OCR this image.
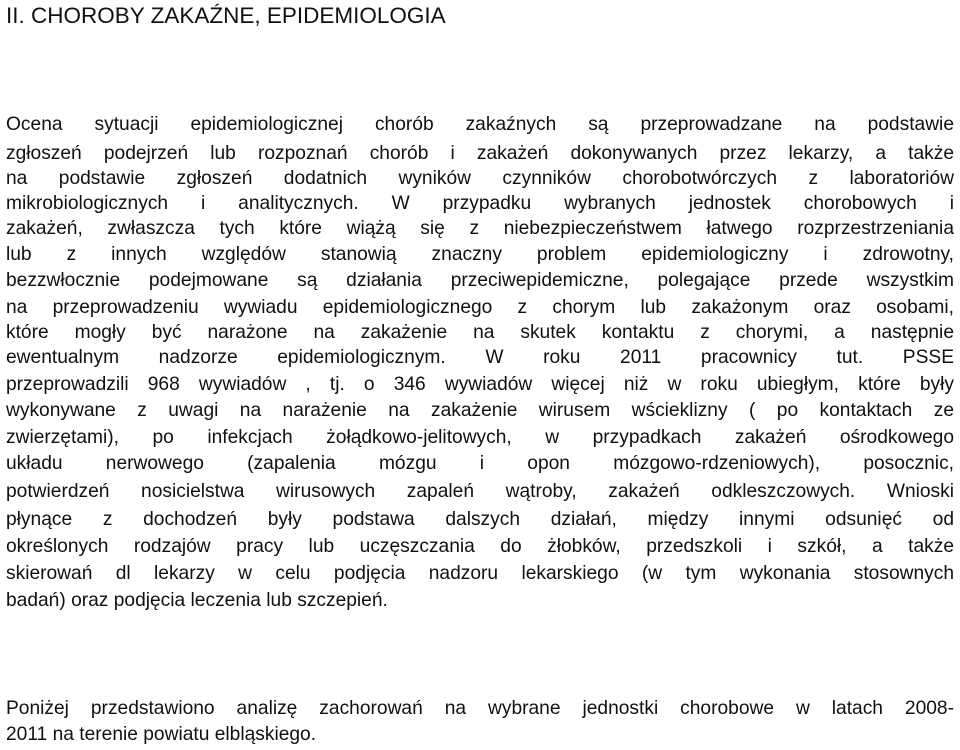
II. CHOROBY ZAKAŹNE, EPIDEMIOLOGIA
Ocena sytuacji epidemiologicznej chorób zakaźnych są przeprowadzane na podstawie
zgłoszeń podejrzeń lub rozpoznań chorób i zakażeń dokonywanych przez lekarzy, a także
na podstawie zgłoszeń dodatnich wyników czynników chorobotwórczych z laboratoriów
mikrobiologicznych i analitycznych. W przypadku wybranych jednostek chorobowych i
zakażeń, zwłaszcza tych które wiążą się z niebezpieczeństwem łatwego rozprzestrzeniania
lub z innych względów stanowią znaczny problem epidemiologiczny i zdrowotny,
bezzwłocznie podejmowane są działania przeciwepidemiczne, polegające przede wszystkim
na przeprowadzeniu wywiadu epidemiologicznego z chorym lub zakażonym oraz osobami,
które mogły być narażone na zakażenie na skutek kontaktu z chorymi, a następnie
ewentualnym nadzorze epidemiologicznym. W roku 2011 pracownicy tut. PSSE
przeprowadzili 968 wywiadów , tj. o 346 wywiadów więcej niż w roku ubiegłym, które były
wykonywane z uwagi na narażenie na zakażenie wirusem wścieklizny ( po kontaktach ze
zwierzętami), po infekcjach żołądkowo-jelitowych, w przypadkach zakażeń ośrodkowego
układu nerwowego (zapalenia mózgu i opon mózgowo-rdzeniowych), posocznic,
potwierdzeń nosicielstwa wirusowych zapaleń wątroby, zakażeń odkleszczowych. Wnioski
płynące z dochodzeń były podstawa dalszych działań, między innymi odsunięć od
określonych rodzajów pracy lub uczęszczania do żłobków, przedszkoli i szkół, a także
skierowań dl lekarzy w celu podjęcia nadzoru lekarskiego (w tym wykonania stosownych
badań) oraz podjęcia leczenia lub szczepień.
Poniżej przedstawiono analizę zachorowań na wybrane jednostki chorobowe w latach 2008-
2011 na terenie powiatu elbląskiego.
